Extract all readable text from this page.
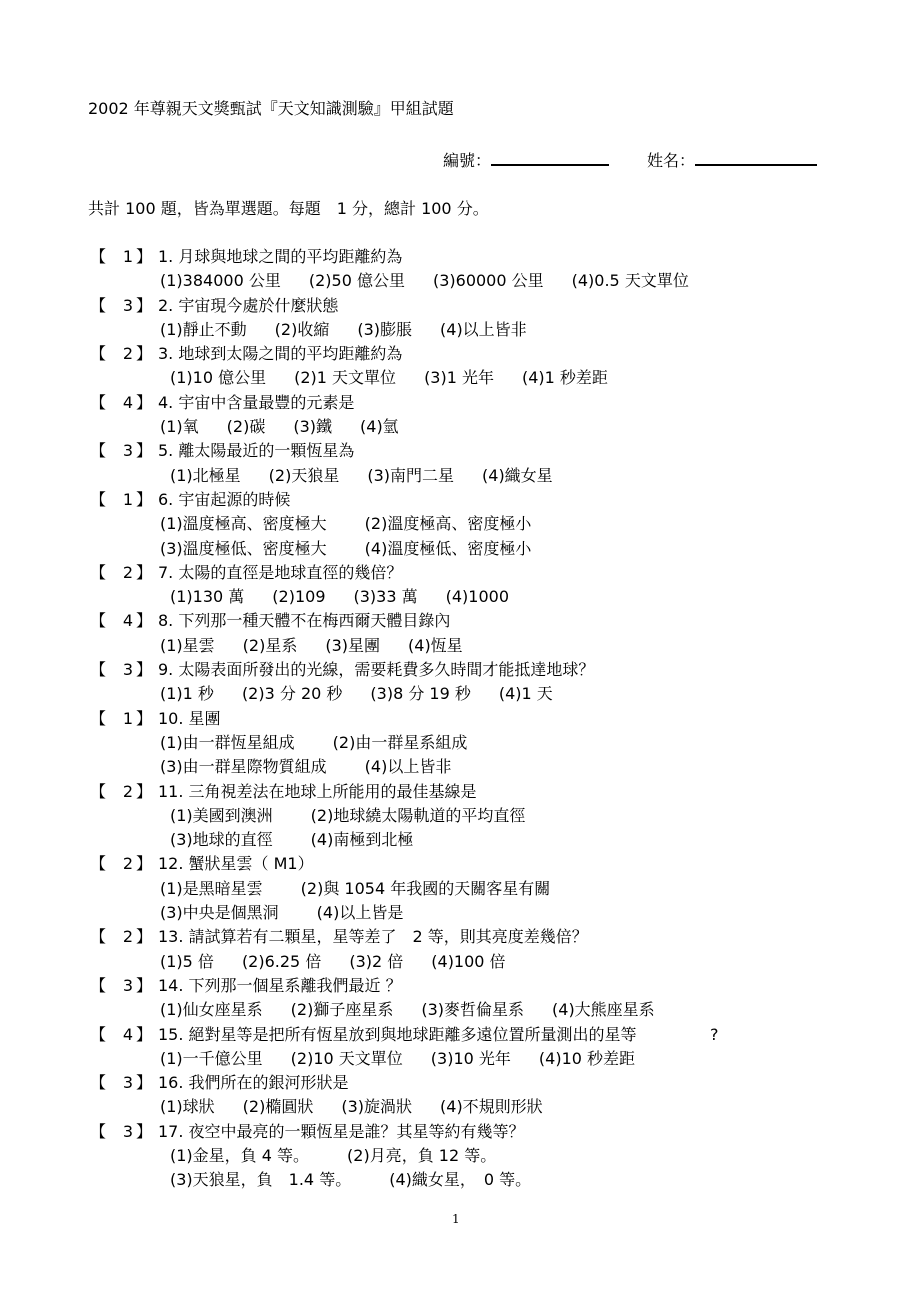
2002 年尊親天文獎甄試『天文知識測驗』甲組試題
編號：	姓名：
共計 100 題，皆為單選題。每題　1 分，總計 100 分。
【 1 】 1. 月球與地球之間的平均距離約為
(1)384000 公里 (2)50 億公里 (3)60000 公里 (4)0.5 天文單位
【 3 】 2. 宇宙現今處於什麼狀態
(1)靜止不動 (2)收縮 (3)膨脹 (4)以上皆非
【 2 】 3. 地球到太陽之間的平均距離約為
(1)10 億公里 (2)1 天文單位 (3)1 光年 (4)1 秒差距
【 4 】 4. 宇宙中含量最豐的元素是
(1)氧 (2)碳 (3)鐵 (4)氫
【 3 】 5. 離太陽最近的一顆恆星為
(1)北極星 (2)天狼星 (3)南門二星 (4)織女星
【 1 】 6. 宇宙起源的時候
(1)溫度極高、密度極大 (2)溫度極高、密度極小
(3)溫度極低、密度極大 (4)溫度極低、密度極小
【 2 】 7. 太陽的直徑是地球直徑的幾倍？
(1)130 萬 (2)109 (3)33 萬 (4)1000
【 4 】 8. 下列那一種天體不在梅西爾天體目錄內
(1)星雲 (2)星系 (3)星團 (4)恆星
【 3 】 9. 太陽表面所發出的光線，需要耗費多久時間才能抵達地球？
(1)1 秒 (2)3 分 20 秒 (3)8 分 19 秒 (4)1 天
【 1 】 10. 星團
(1)由一群恆星組成 (2)由一群星系組成
(3)由一群星際物質組成 (4)以上皆非
【 2 】 11. 三角視差法在地球上所能用的最佳基線是
(1)美國到澳洲 (2)地球繞太陽軌道的平均直徑
(3)地球的直徑 (4)南極到北極
【 2 】 12. 蟹狀星雲（ M1）
(1)是黑暗星雲 (2)與 1054 年我國的天關客星有關
(3)中央是個黑洞 (4)以上皆是
【 2 】 13. 請試算若有二顆星，星等差了　2 等，則其亮度差幾倍？
(1)5 倍 (2)6.25 倍 (3)2 倍 (4)100 倍
【 3 】 14. 下列那一個星系離我們最近 ？
(1)仙女座星系 (2)獅子座星系 (3)麥哲倫星系 (4)大熊座星系
【 4 】 15. 絕對星等是把所有恆星放到與地球距離多遠位置所量測出的星等	?
(1)一千億公里 (2)10 天文單位 (3)10 光年 (4)10 秒差距
【 3 】 16. 我們所在的銀河形狀是
(1)球狀 (2)橢圓狀 (3)旋渦狀 (4)不規則形狀
【 3 】 17. 夜空中最亮的一顆恆星是誰？其星等約有幾等？
(1)金星，負 4 等。 (2)月亮，負 12 等。
(3)天狼星，負　1.4 等。 (4)織女星，　0 等。
1
